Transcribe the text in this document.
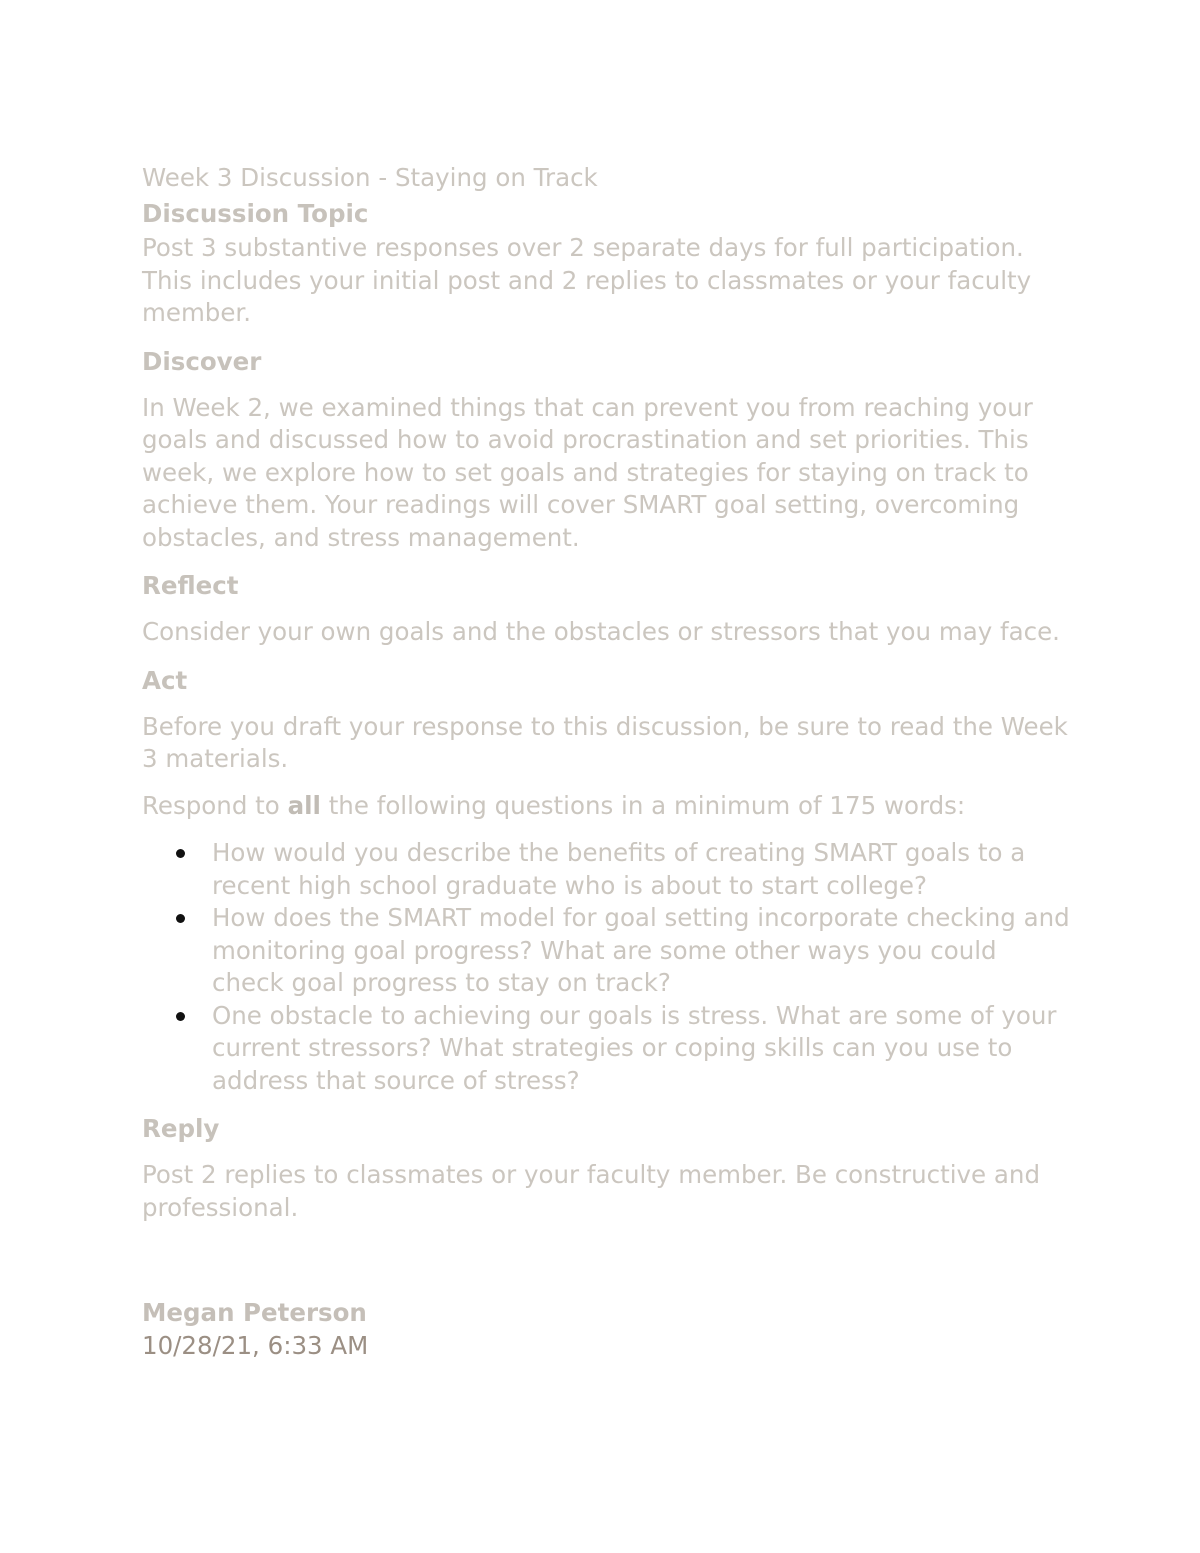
Week 3 Discussion - Staying on Track
Discussion Topic

Post 3 substantive responses over 2 separate days for full participation. This includes your initial post and 2 replies to classmates or your faculty member.

Discover

In Week 2, we examined things that can prevent you from reaching your goals and discussed how to avoid procrastination and set priorities. This week, we explore how to set goals and strategies for staying on track to achieve them. Your readings will cover SMART goal setting, overcoming obstacles, and stress management.

Reflect

Consider your own goals and the obstacles or stressors that you may face.

Act

Before you draft your response to this discussion, be sure to read the Week 3 materials.

Respond to all the following questions in a minimum of 175 words:

How would you describe the benefits of creating SMART goals to a recent high school graduate who is about to start college?
How does the SMART model for goal setting incorporate checking and monitoring goal progress? What are some other ways you could check goal progress to stay on track?
One obstacle to achieving our goals is stress. What are some of your current stressors? What strategies or coping skills can you use to address that source of stress?
Reply

Post 2 replies to classmates or your faculty member. Be constructive and professional.

Megan Peterson
10/28/21, 6:33 AM
